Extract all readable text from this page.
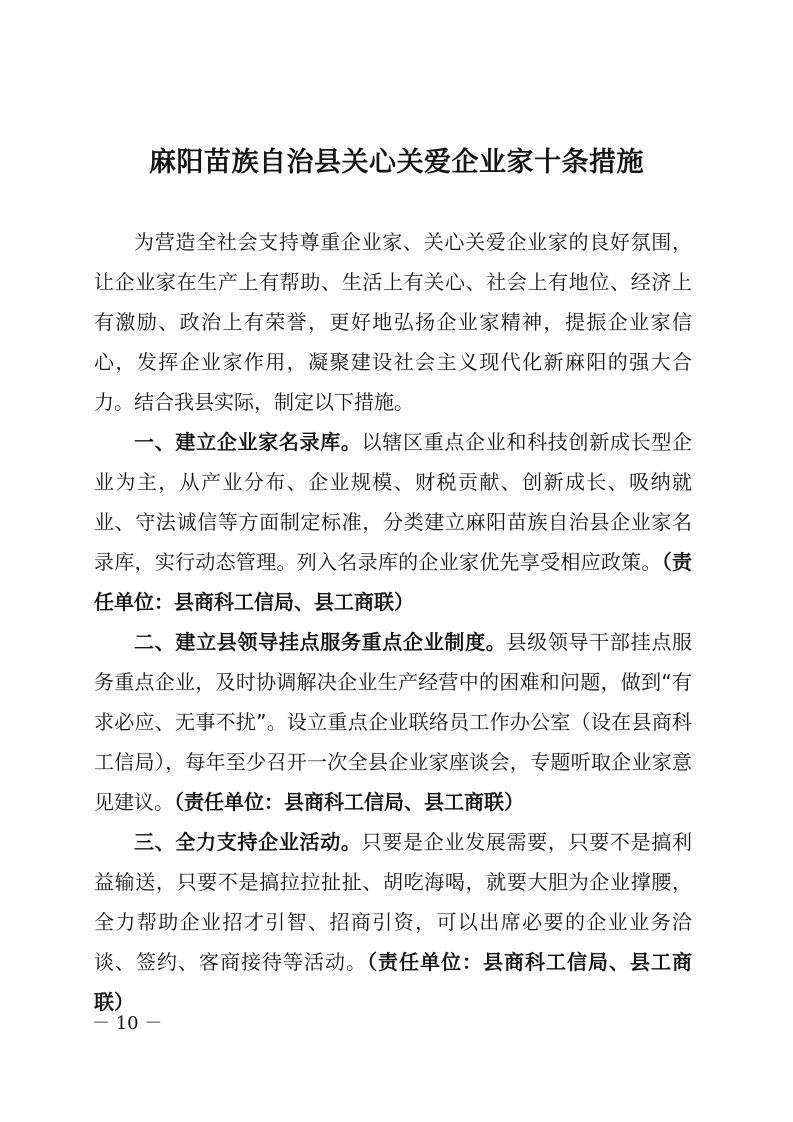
麻阳苗族自治县关心关爱企业家十条措施

为营造全社会支持尊重企业家、关心关爱企业家的良好氛围，让企业家在生产上有帮助、生活上有关心、社会上有地位、经济上有激励、政治上有荣誉，更好地弘扬企业家精神，提振企业家信心，发挥企业家作用，凝聚建设社会主义现代化新麻阳的强大合力。结合我县实际，制定以下措施。

一、建立企业家名录库。以辖区重点企业和科技创新成长型企业为主，从产业分布、企业规模、财税贡献、创新成长、吸纳就业、守法诚信等方面制定标准，分类建立麻阳苗族自治县企业家名录库，实行动态管理。列入名录库的企业家优先享受相应政策。（责任单位：县商科工信局、县工商联）

二、建立县领导挂点服务重点企业制度。县级领导干部挂点服务重点企业，及时协调解决企业生产经营中的困难和问题，做到“有求必应、无事不扰”。设立重点企业联络员工作办公室（设在县商科工信局），每年至少召开一次全县企业家座谈会，专题听取企业家意见建议。（责任单位：县商科工信局、县工商联）

三、全力支持企业活动。只要是企业发展需要，只要不是搞利益输送，只要不是搞拉拉扯扯、胡吃海喝，就要大胆为企业撑腰，全力帮助企业招才引智、招商引资，可以出席必要的企业业务洽谈、签约、客商接待等活动。（责任单位：县商科工信局、县工商联）

－ 10 －
